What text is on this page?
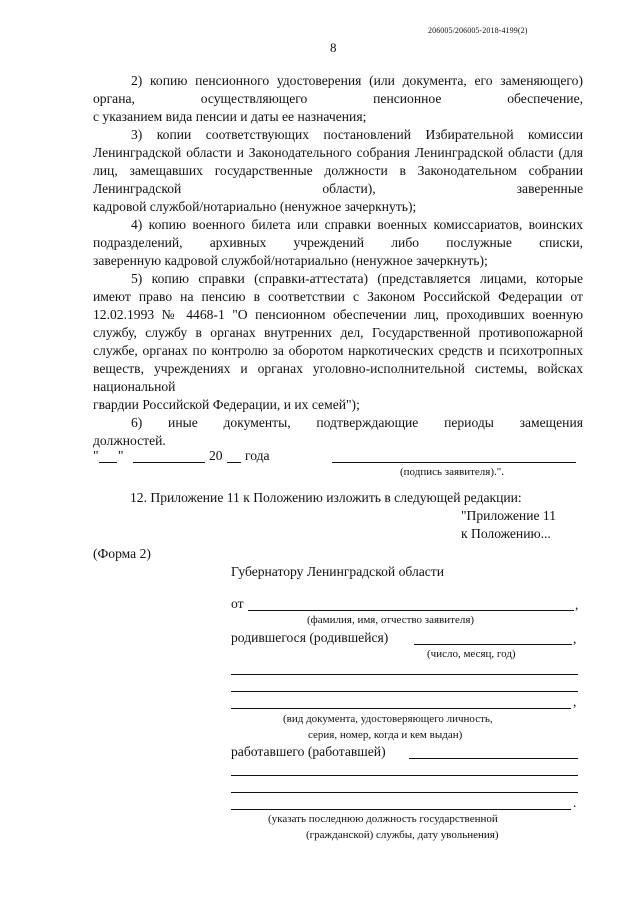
206005/206005-2018-4199(2)
8

2) копию пенсионного удостоверения (или документа, его заменяющего) органа, осуществляющего пенсионное обеспечение,

с указанием вида пенсии и даты ее назначения;

3) копии соответствующих постановлений Избирательной комиссии Ленинградской области и Законодательного собрания Ленинградской области (для лиц, замещавших государственные должности в Законодательном собрании Ленинградской области), заверенные

кадровой службой/нотариально (ненужное зачеркнуть);

4) копию военного билета или справки военных комиссариатов, воинских подразделений, архивных учреждений либо послужные списки,

заверенную кадровой службой/нотариально (ненужное зачеркнуть);

5) копию справки (справки-аттестата) (представляется лицами, которые имеют право на пенсию в соответствии с Законом Российской Федерации от 12.02.1993 № 4468-1 "О пенсионном обеспечении лиц, проходивших военную службу, службу в органах внутренних дел, Государственной противопожарной службе, органах по контролю за оборотом наркотических средств и психотропных веществ, учреждениях и органах уголовно-исполнительной системы, войсках национальной

гвардии Российской Федерации, и их семей");

6) иные документы, подтверждающие периоды замещения

должностей.

" "	20 года
(подпись заявителя).".
12. Приложение 11 к Положению изложить в следующей редакции:
"Приложение 11
к Положению...
(Форма 2)
Губернатору Ленинградской области
от	,
(фамилия, имя, отчество заявителя)
родившегося (родившейся)	,
(число, месяц, год)
,
(вид документа, удостоверяющего личность,
серия, номер, когда и кем выдан)
работавшего (работавшей)
.
(указать последнюю должность государственной
(гражданской) службы, дату увольнения)
